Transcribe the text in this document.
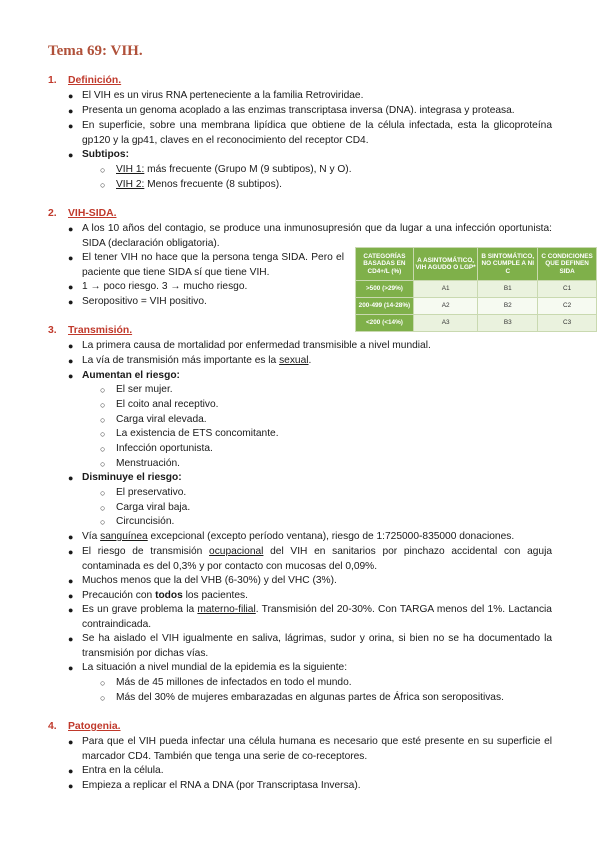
Tema 69: VIH.
1. Definición.
● El VIH es un virus RNA perteneciente a la familia Retroviridae.
● Presenta un genoma acoplado a las enzimas transcriptasa inversa (DNA). integrasa y proteasa.
● En superficie, sobre una membrana lipídica que obtiene de la célula infectada, esta la glicoproteína gp120 y la gp41, claves en el reconocimiento del receptor CD4.
● Subtipos:
○ VIH 1: más frecuente (Grupo M (9 subtipos), N y O).
○ VIH 2: Menos frecuente (8 subtipos).
2. VIH-SIDA.
● A los 10 años del contagio, se produce una inmunosupresión que da lugar a una infección oportunista: SIDA (declaración obligatoria).
● El tener VIH no hace que la persona tenga SIDA. Pero el paciente que tiene SIDA sí que tiene VIH.
● 1 → poco riesgo. 3 → mucho riesgo.
● Seropositivo = VIH positivo.
CATEGORÍAS BASADAS EN CD4+/L (%)	A ASINTOMÁTICO, VIH AGUDO O LGP*	B SINTOMÁTICO, NO CUMPLE A NI C	C CONDICIONES QUE DEFINEN SIDA
>500 (>29%)	A1	B1	C1
200-499 (14-28%)	A2	B2	C2
<200 (<14%)	A3	B3	C3
3. Transmisión.
● La primera causa de mortalidad por enfermedad transmisible a nivel mundial.
● La vía de transmisión más importante es la sexual.
● Aumentan el riesgo:
○ El ser mujer.
○ El coito anal receptivo.
○ Carga viral elevada.
○ La existencia de ETS concomitante.
○ Infección oportunista.
○ Menstruación.
● Disminuye el riesgo:
○ El preservativo.
○ Carga viral baja.
○ Circuncisión.
● Vía sanguínea excepcional (excepto período ventana), riesgo de 1:725000-835000 donaciones.
● El riesgo de transmisión ocupacional del VIH en sanitarios por pinchazo accidental con aguja contaminada es del 0,3% y por contacto con mucosas del 0,09%.
● Muchos menos que la del VHB (6-30%) y del VHC (3%).
● Precaución con todos los pacientes.
● Es un grave problema la materno-filial. Transmisión del 20-30%. Con TARGA menos del 1%. Lactancia contraindicada.
● Se ha aislado el VIH igualmente en saliva, lágrimas, sudor y orina, si bien no se ha documentado la transmisión por dichas vías.
● La situación a nivel mundial de la epidemia es la siguiente:
○ Más de 45 millones de infectados en todo el mundo.
○ Más del 30% de mujeres embarazadas en algunas partes de África son seropositivas.
4. Patogenia.
● Para que el VIH pueda infectar una célula humana es necesario que esté presente en su superficie el marcador CD4. También que tenga una serie de co-receptores.
● Entra en la célula.
● Empieza a replicar el RNA a DNA (por Transcriptasa Inversa).
